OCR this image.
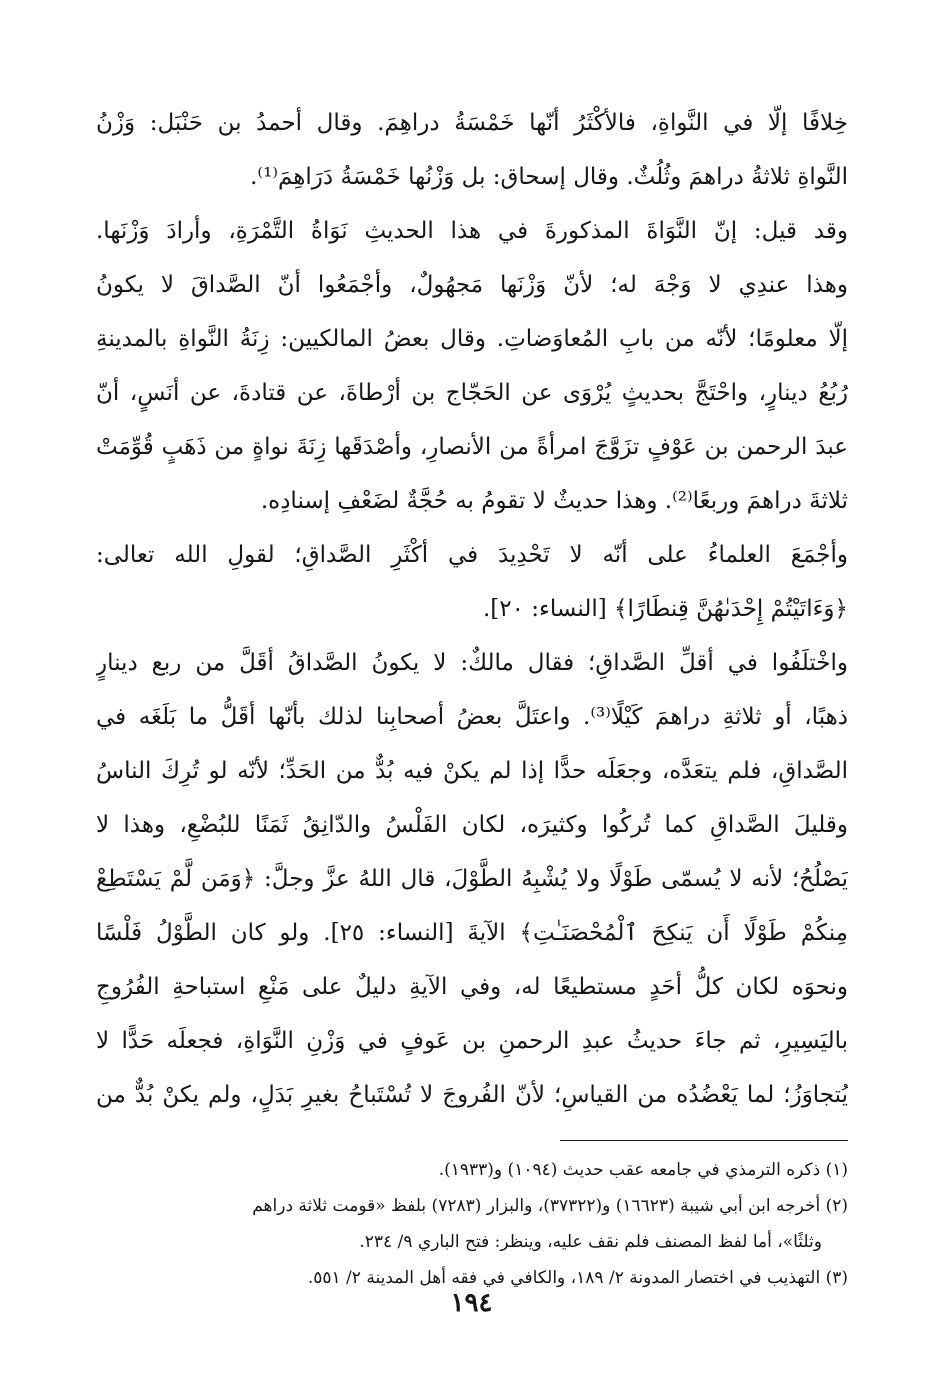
خِلافًا إلّا في النَّواةِ، فالأكْثَرُ أنّها خَمْسَةُ دراهِمَ. وقال أحمدُ بن حَنْبَل: وَزْنُ
النَّواةِ ثلاثةُ دراهمَ وثُلُثٌ. وقال إسحاق: بل وَزْنُها خَمْسَةُ دَرَاهِمَ⁽¹⁾.
وقد قيل: إنّ النَّوَاةَ المذكورةَ في هذا الحديثِ نَوَاةُ التَّمْرَةِ، وأرادَ وَزْنَها.
وهذا عندِي لا وَجْهَ له؛ لأنّ وَزْنَها مَجهُولٌ، وأجْمَعُوا أنّ الصَّداقَ لا يكونُ
إلّا معلومًا؛ لأنّه من بابِ المُعاوَضاتِ. وقال بعضُ المالكيين: زِنَةُ النَّواةِ بالمدينةِ
رُبُعُ دينارٍ، واحْتَجَّ بحديثٍ يُرْوَى عن الحَجّاج بن أرْطاةَ، عن قتادةَ، عن أنَسٍ، أنّ
عبدَ الرحمن بن عَوْفٍ تزَوَّجَ امرأةً من الأنصارِ، وأصْدَقَها زِنَةَ نواةٍ من ذَهَبٍ قُوِّمَتْ
ثلاثةَ دراهمَ وربعًا⁽²⁾. وهذا حديثٌ لا تقومُ به حُجَّةٌ لضَعْفِ إسنادِه.
وأجْمَعَ العلماءُ على أنّه لا تَحْدِيدَ في أكْثَرِ الصَّداقِ؛ لقولِ الله تعالى:
﴿وَءَاتَيْتُمْ إِحْدَىٰهُنَّ قِنطَارًا﴾ [النساء: ٢٠].
واخْتلَفُوا في أقلِّ الصَّداقِ؛ فقال مالكٌ: لا يكونُ الصَّداقُ أقَلَّ من ربع دينارٍ
ذهبًا، أو ثلاثةِ دراهمَ كَيْلًا⁽³⁾. واعتَلَّ بعضُ أصحابِنا لذلك بأنّها أقَلُّ ما بَلَغَه في
الصَّداقِ، فلم يتعَدَّه، وجعَلَه حدًّا إذا لم يكنْ فيه بُدٌّ من الحَدِّ؛ لأنّه لو تُرِكَ الناسُ
وقليلَ الصَّداقِ كما تُركُوا وكثيرَه، لكان الفَلْسُ والدّانِقُ ثَمَنًا للبُضْعِ، وهذا لا
يَصْلُحُ؛ لأنه لا يُسمّى طَوْلًا ولا يُشْبِهُ الطَّوْلَ، قال اللهُ عزَّ وجلَّ: ﴿وَمَن لَّمْ يَسْتَطِعْ
مِنكُمْ طَوْلًا أَن يَنكِحَ ٱلْمُحْصَنَـٰتِ﴾ الآيةَ [النساء: ٢٥]. ولو كان الطَّوْلُ فَلْسًا
ونحوَه لكان كلُّ أحَدٍ مستطيعًا له، وفي الآيةِ دليلٌ على مَنْعِ استباحةِ الفُرُوجِ
باليَسِيرِ، ثم جاءَ حديثُ عبدِ الرحمنِ بن عَوفٍ في وَزْنِ النَّوَاةِ، فجعلَه حَدًّا لا
يُتجاوَزُ؛ لما يَعْضُدُه من القياسِ؛ لأنّ الفُروجَ لا تُسْتَباحُ بغيرِ بَدَلٍ، ولم يكنْ بُدٌّ من
(١) ذكره الترمذي في جامعه عقب حديث (١٠٩٤) و(١٩٣٣).
(٢) أخرجه ابن أبي شيبة (١٦٦٢٣) و(٣٧٣٢٢)، والبزار (٧٢٨٣) بلفظ «قومت ثلاثة دراهم
وثلثًا»، أما لفظ المصنف فلم نقف عليه، وينظر: فتح الباري ٩/ ٢٣٤.
(٣) التهذيب في اختصار المدونة ٢/ ١٨٩، والكافي في فقه أهل المدينة ٢/ ٥٥١.
١٩٤
